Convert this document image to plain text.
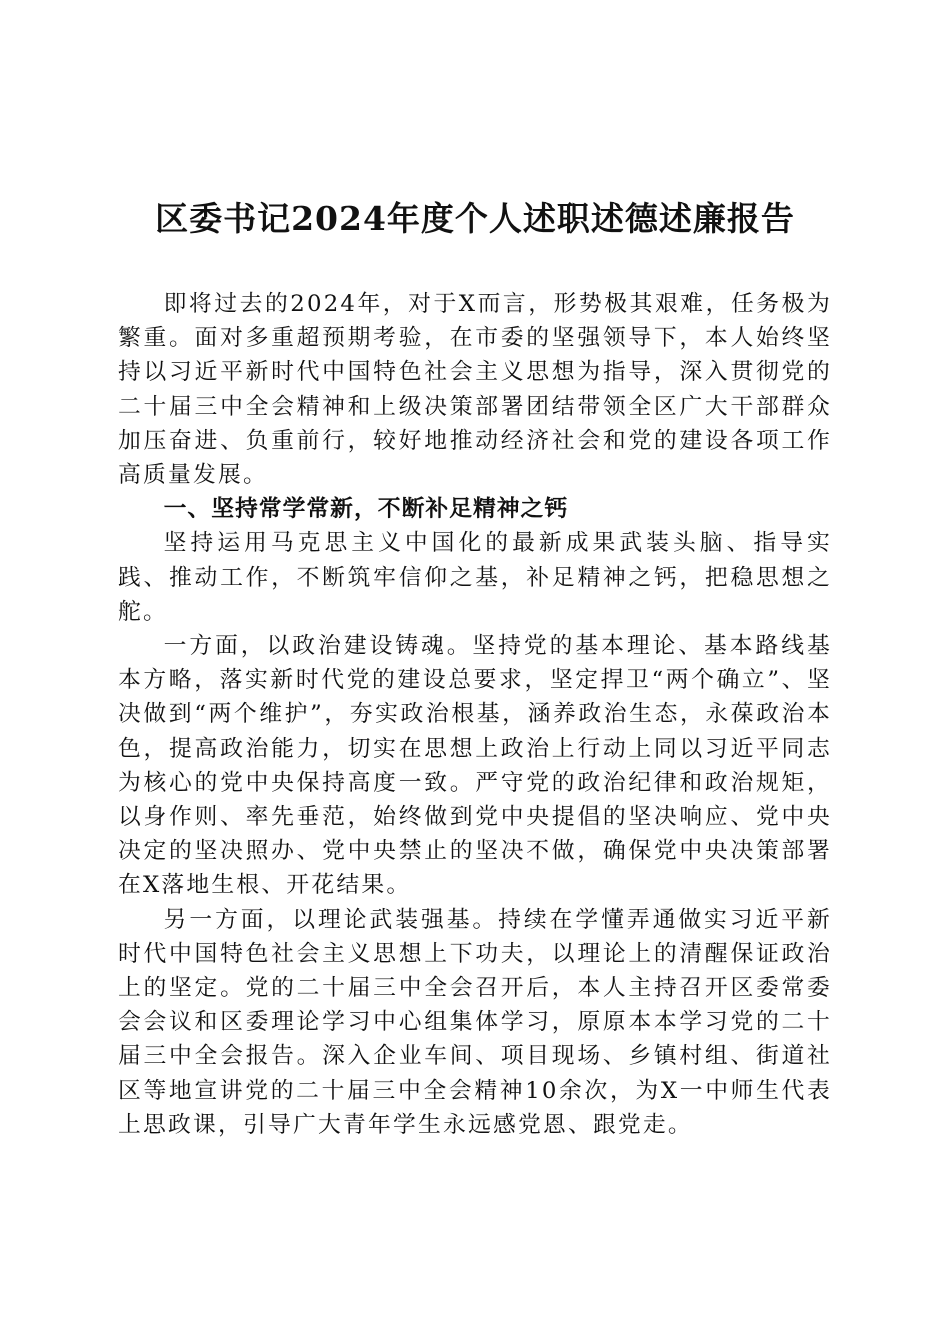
区委书记2024年度个人述职述德述廉报告

即将过去的2024年，对于X而言，形势极其艰难，任务极为繁重。面对多重超预期考验，在市委的坚强领导下，本人始终坚持以习近平新时代中国特色社会主义思想为指导，深入贯彻党的二十届三中全会精神和上级决策部署团结带领全区广大干部群众加压奋进、负重前行，较好地推动经济社会和党的建设各项工作高质量发展。

一、坚持常学常新，不断补足精神之钙

坚持运用马克思主义中国化的最新成果武装头脑、指导实践、推动工作，不断筑牢信仰之基，补足精神之钙，把稳思想之舵。

一方面，以政治建设铸魂。坚持党的基本理论、基本路线基本方略，落实新时代党的建设总要求，坚定捍卫“两个确立”、坚决做到“两个维护”，夯实政治根基，涵养政治生态，永葆政治本色，提高政治能力，切实在思想上政治上行动上同以习近平同志为核心的党中央保持高度一致。严守党的政治纪律和政治规矩，以身作则、率先垂范，始终做到党中央提倡的坚决响应、党中央决定的坚决照办、党中央禁止的坚决不做，确保党中央决策部署在X落地生根、开花结果。

另一方面，以理论武装强基。持续在学懂弄通做实习近平新时代中国特色社会主义思想上下功夫，以理论上的清醒保证政治上的坚定。党的二十届三中全会召开后，本人主持召开区委常委会会议和区委理论学习中心组集体学习，原原本本学习党的二十届三中全会报告。深入企业车间、项目现场、乡镇村组、街道社区等地宣讲党的二十届三中全会精神10余次，为X一中师生代表上思政课，引导广大青年学生永远感党恩、跟党走。
